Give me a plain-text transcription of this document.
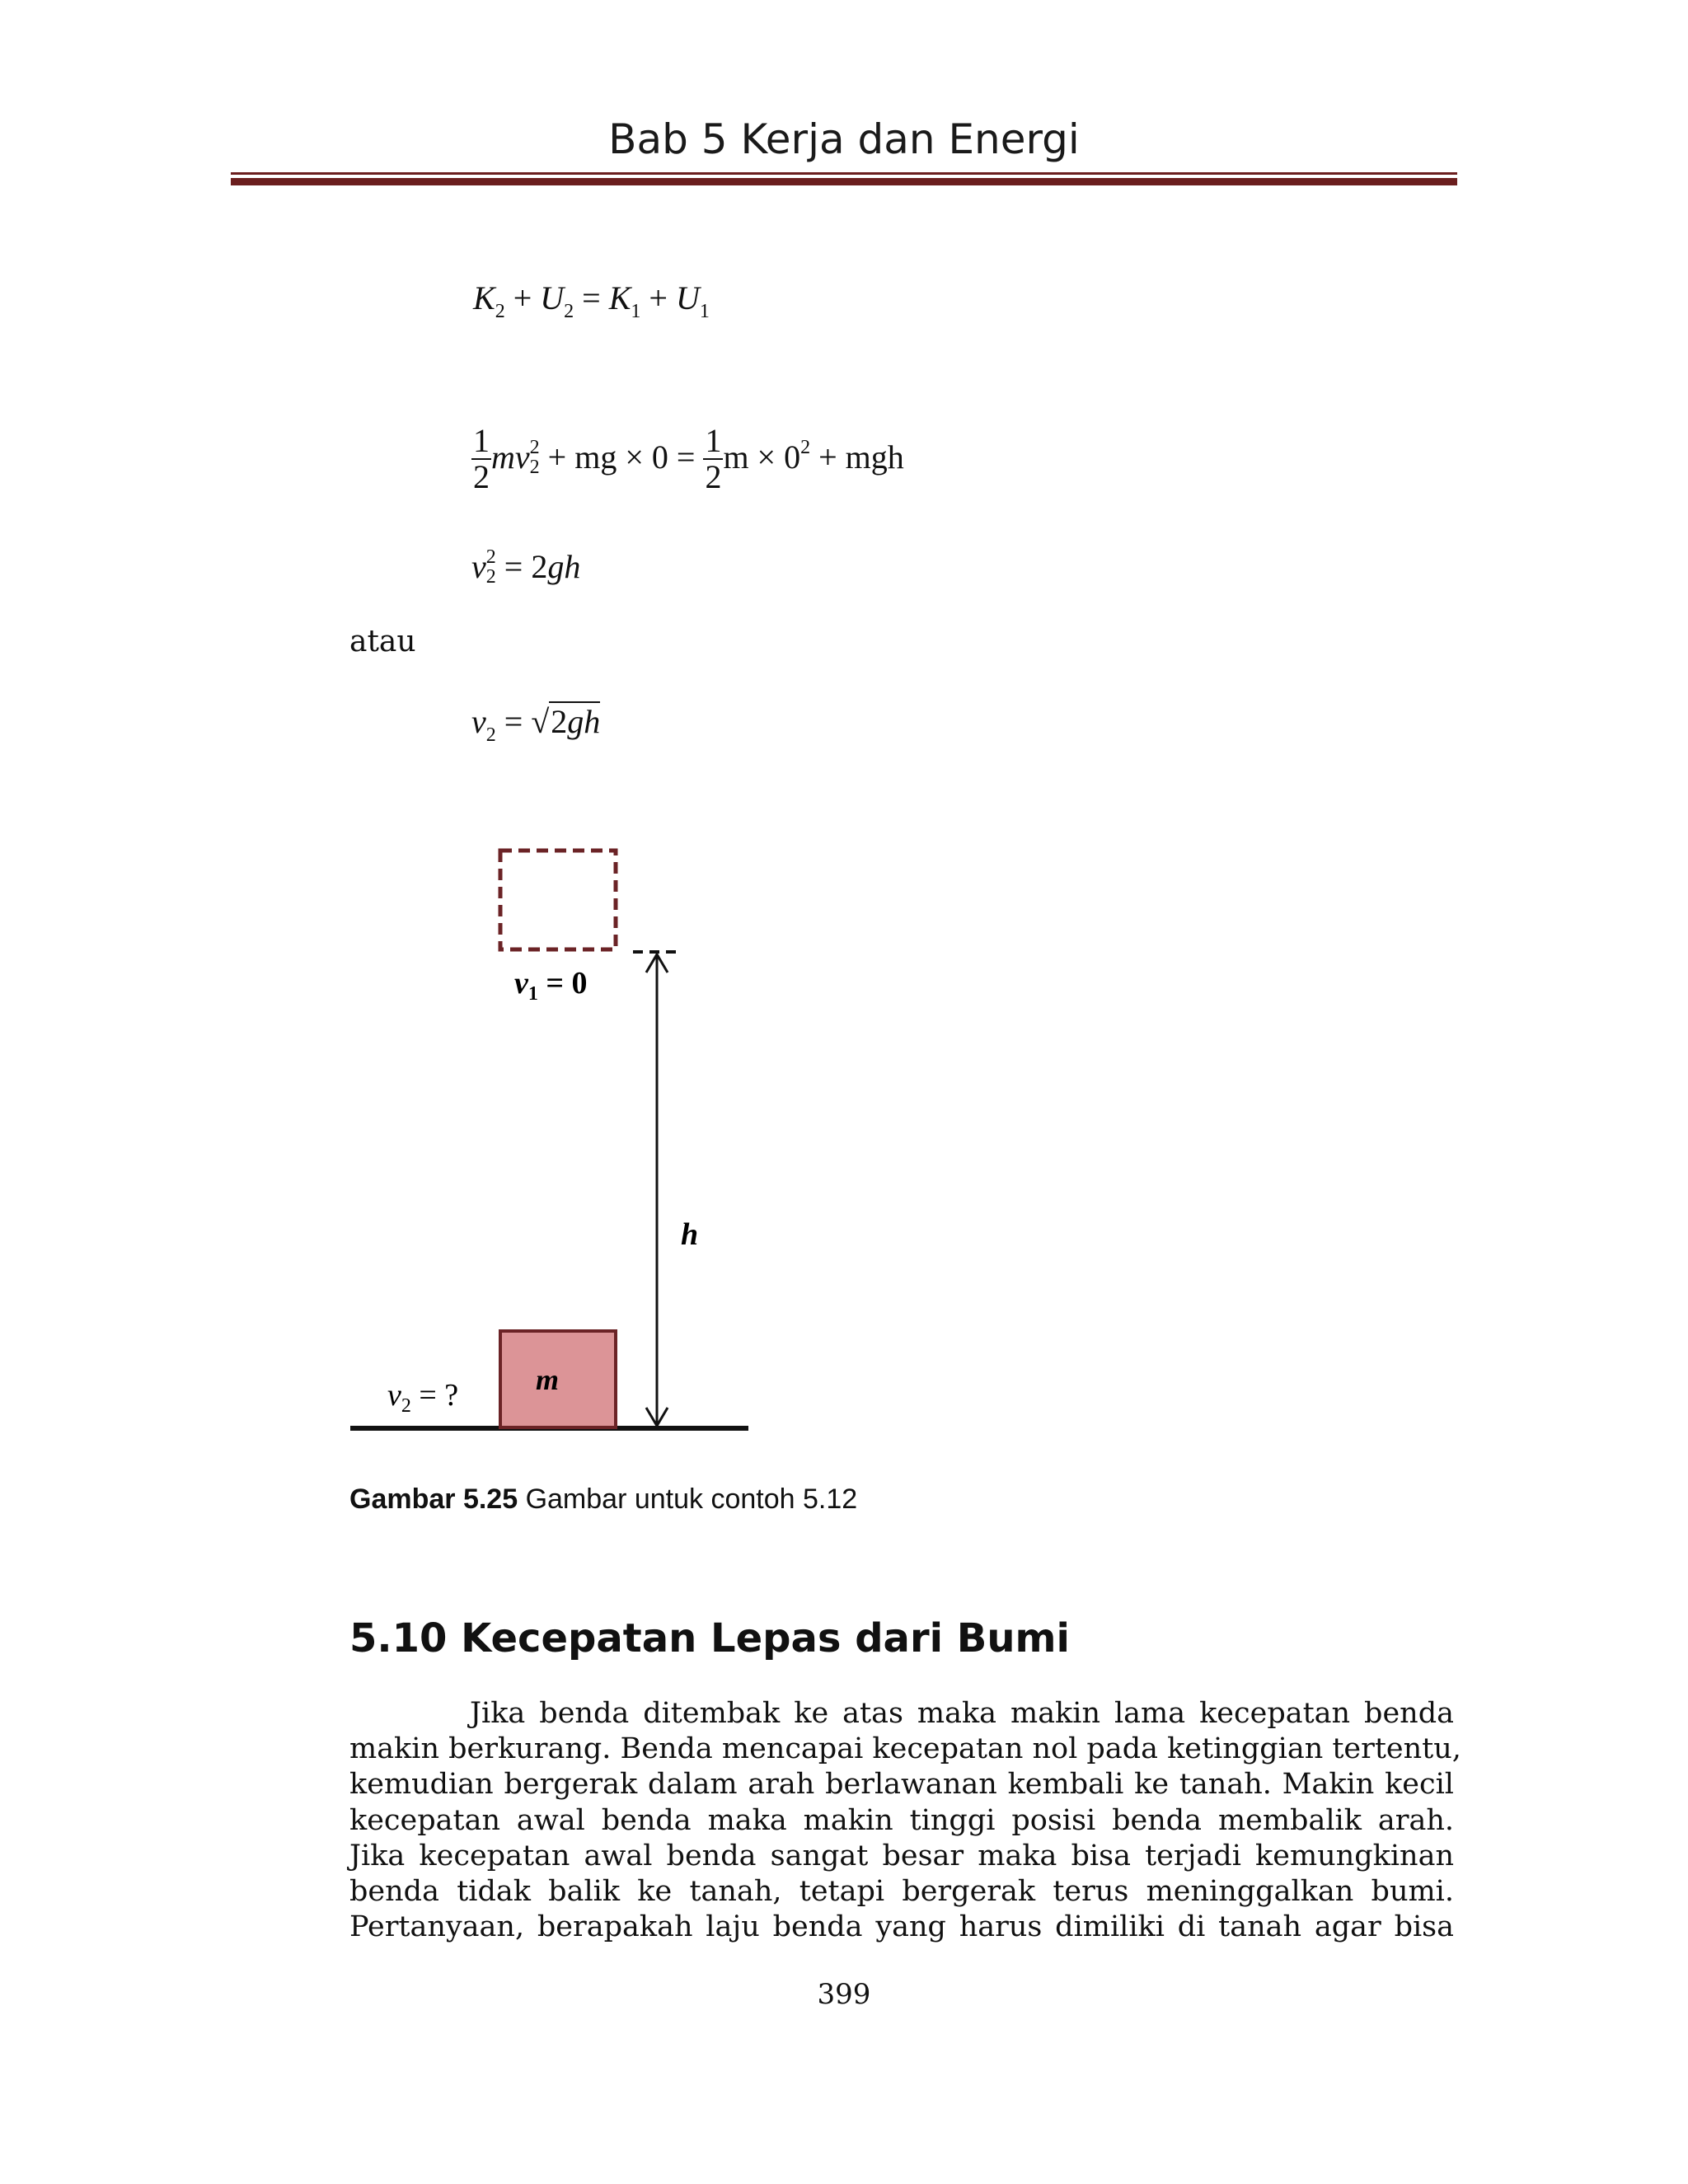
Bab 5 Kerja dan Energi
$K_2 + U_2 = K_1 + U_1$
$\frac{1}{2}$ mv 2
2 + mg × $0 = \frac{1}{2}$ $m \times 0^2$ + mgh
v 2
2 = 2gh
atau
$v_2 = √2gh$
$v_1 = 0$
h
m
$v_2$ = ?
Gambar 5.25 Gambar untuk contoh 5.12
5.10 Kecepatan Lepas dari Bumi
Jika benda ditembak ke atas maka makin lama kecepatan benda
makin berkurang. Benda mencapai kecepatan nol pada ketinggian tertentu,
kemudian bergerak dalam arah berlawanan kembali ke tanah. Makin kecil
kecepatan awal benda maka makin tinggi posisi benda membalik arah.
Jika kecepatan awal benda sangat besar maka bisa terjadi kemungkinan
benda tidak balik ke tanah, tetapi bergerak terus meninggalkan bumi.
Pertanyaan, berapakah laju benda yang harus dimiliki di tanah agar bisa
399
